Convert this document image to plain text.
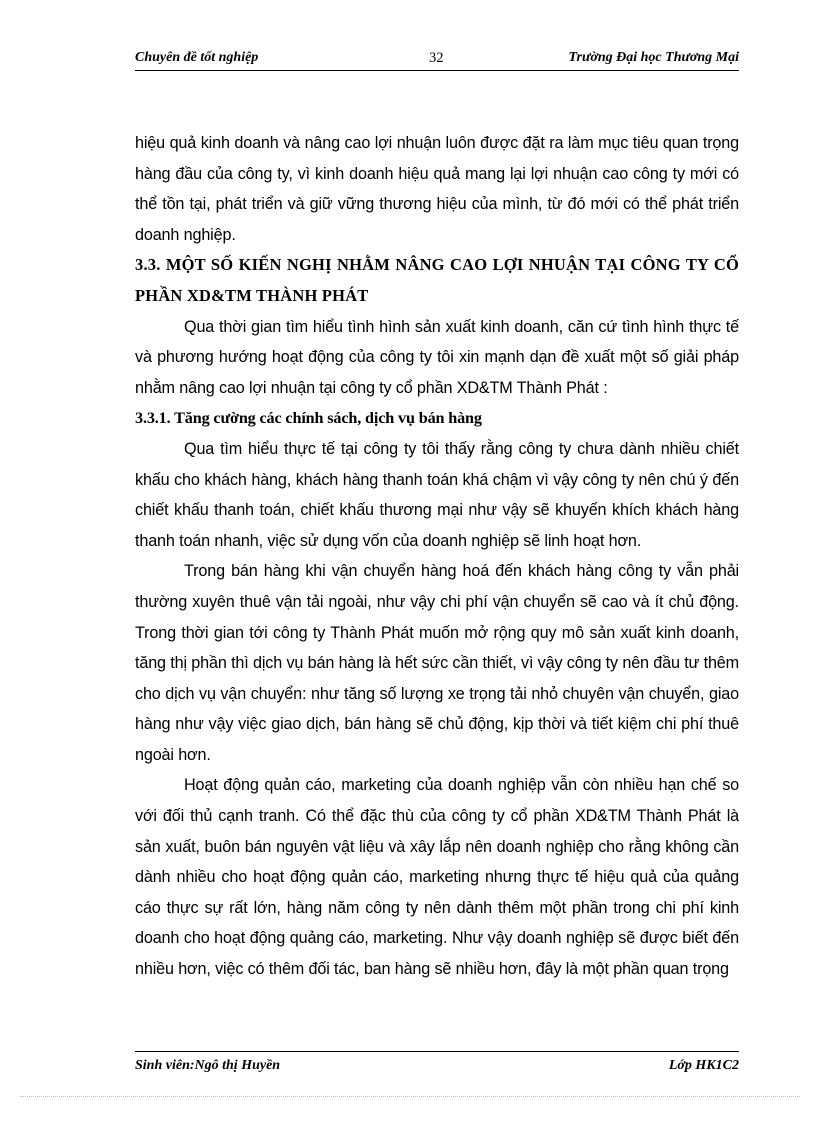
Chuyên đề tốt nghiệp	32	Trường Đại học Thương Mại

hiệu quả kinh doanh và nâng cao lợi nhuận luôn được đặt ra làm mục tiêu quan trọng hàng đầu của công ty, vì kinh doanh hiệu quả mang lại lợi nhuận cao công ty mới có thể tồn tại, phát triển và giữ vững thương hiệu của mình, từ đó mới có thể phát triển doanh nghiệp.

3.3. MỘT SỐ KIẾN NGHỊ NHẰM NÂNG CAO LỢI NHUẬN TẠI CÔNG TY CỔ PHẦN XD&TM THÀNH PHÁT

Qua thời gian tìm hiểu tình hình sản xuất kinh doanh, căn cứ tình hình thực tế và phương hướng hoạt động của công ty tôi xin mạnh dạn đề xuất một số giải pháp nhằm nâng cao lợi nhuận tại công ty cổ phần XD&TM Thành Phát :

3.3.1. Tăng cường các chính sách, dịch vụ bán hàng

Qua tìm hiểu thực tế tại công ty tôi thấy rằng công ty chưa dành nhiều chiết khấu cho khách hàng, khách hàng thanh toán khá chậm vì vậy công ty nên chú ý đến chiết khấu thanh toán, chiết khấu thương mại như vậy sẽ khuyến khích khách hàng thanh toán nhanh, việc sử dụng vốn của doanh nghiệp sẽ linh hoạt hơn.

Trong bán hàng khi vận chuyển hàng hoá đến khách hàng công ty vẫn phải thường xuyên thuê vận tải ngoài, như vậy chi phí vận chuyển sẽ cao và ít chủ động. Trong thời gian tới công ty Thành Phát muốn mở rộng quy mô sản xuất kinh doanh, tăng thị phần thì dịch vụ bán hàng là hết sức cần thiết, vì vậy công ty nên đầu tư thêm cho dịch vụ vận chuyển: như tăng số lượng xe trọng tải nhỏ chuyên vận chuyển, giao hàng như vậy việc giao dịch, bán hàng sẽ chủ động, kịp thời và tiết kiệm chi phí thuê ngoài hơn.

Hoạt động quản cáo, marketing của doanh nghiệp vẫn còn nhiều hạn chế so với đối thủ cạnh tranh. Có thể đặc thù của công ty cổ phần XD&TM Thành Phát là sản xuất, buôn bán nguyên vật liệu và xây lắp nên doanh nghiệp cho rằng không cần dành nhiều cho hoạt động quản cáo, marketing nhưng thực tế hiệu quả của quảng cáo thực sự rất lớn, hàng năm công ty nên dành thêm một phần trong chi phí kinh doanh cho hoạt động quảng cáo, marketing. Như vậy doanh nghiệp sẽ được biết đến nhiều hơn, việc có thêm đối tác, ban hàng sẽ nhiều hơn, đây là một phần quan trọng

Sinh viên:Ngô thị Huyền	Lớp HK1C2
